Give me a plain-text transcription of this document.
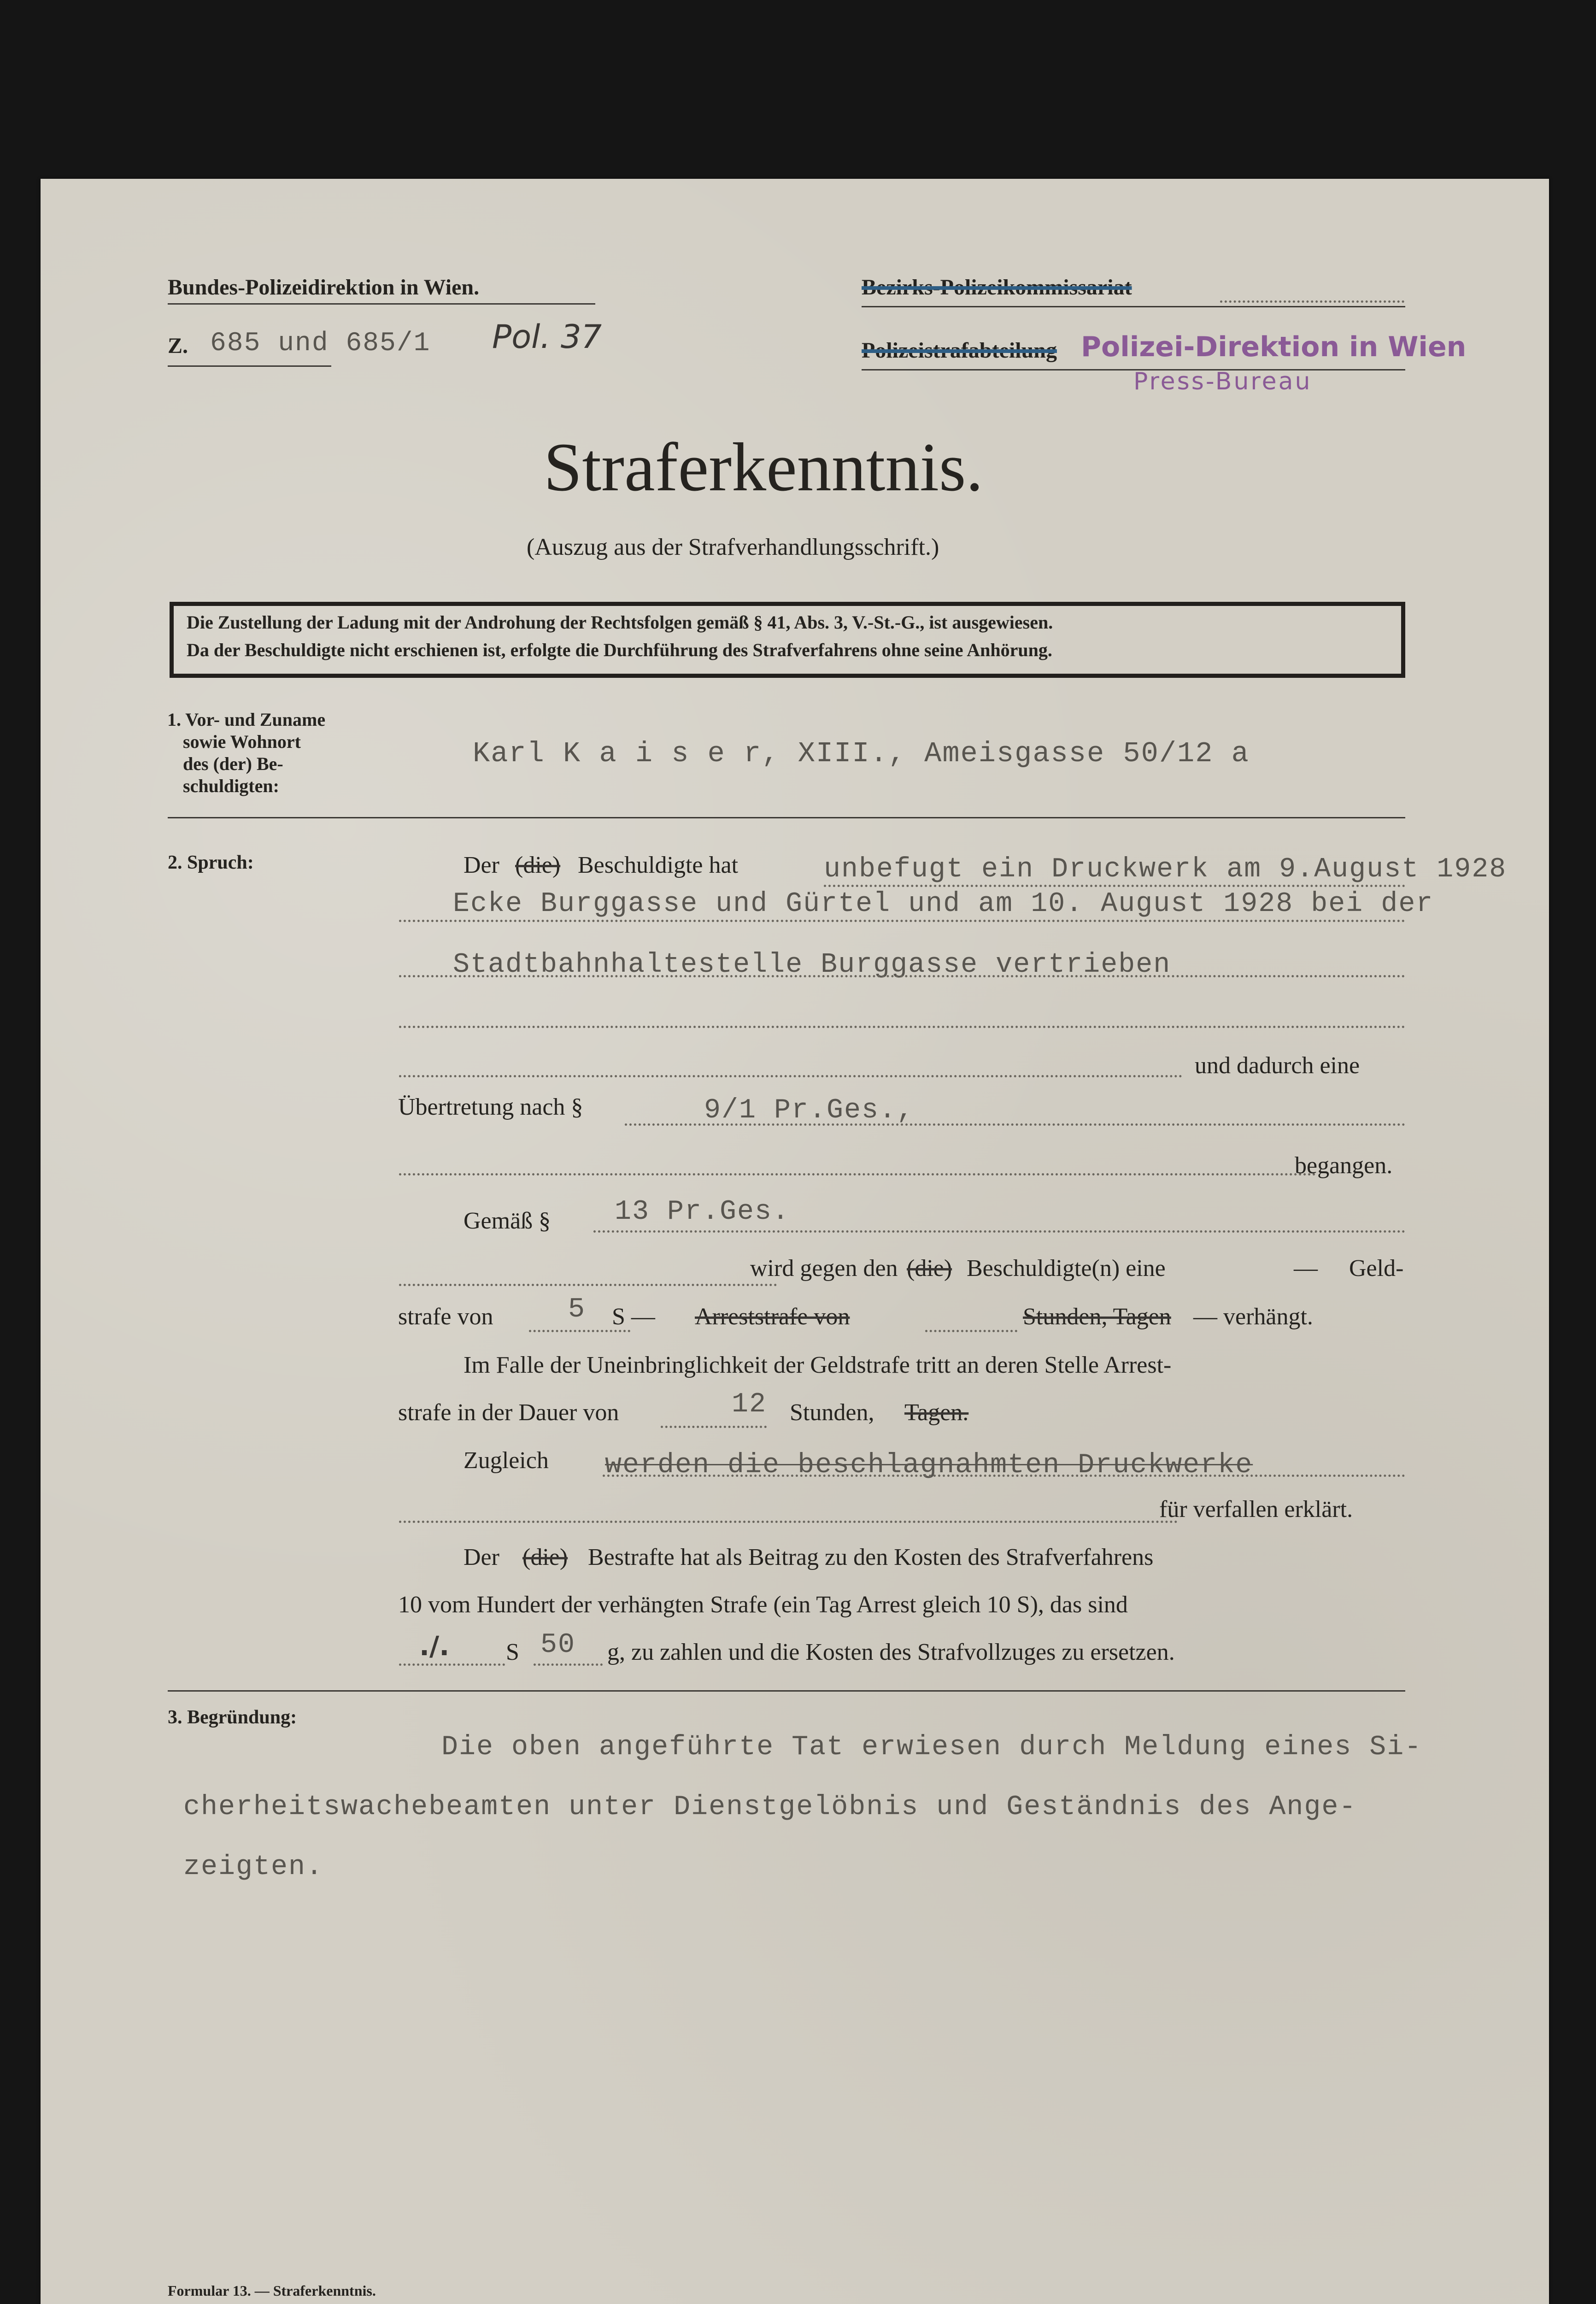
Bundes-Polizeidirektion in Wien.
Z. 685 und 685/1 Pol. 37
Bezirks-Polizeikommissariat
Polizeistrafabteilung Polizei-Direktion in Wien
Press-Bureau
Straferkenntnis.
(Auszug aus der Strafverhandlungsschrift.)
Die Zustellung der Ladung mit der Androhung der Rechtsfolgen gemäß § 41, Abs. 3, V.-St.-G., ist ausgewiesen.
Da der Beschuldigte nicht erschienen ist, erfolgte die Durchführung des Strafverfahrens ohne seine Anhörung.
1. Vor- und Zuname
sowie Wohnort
des (der) Be-
schuldigten:
Karl K a i s e r, XIII., Ameisgasse 50/12 a
2. Spruch:	Der (die) Beschuldigte hat	unbefugt ein Druckwerk am 9.August 1928
Ecke Burggasse und Gürtel und am 10. August 1928 bei der
Stadtbahnhaltestelle Burggasse vertrieben
und dadurch eine
Übertretung nach §	9/1 Pr.Ges.,
begangen.
Gemäß § 13 Pr.Ges.
wird gegen den (die) Beschuldigte(n) eine	— Geld-
strafe von	5 S — Arreststrafe von	Stunden, Tagen — verhängt.
Im Falle der Uneinbringlichkeit der Geldstrafe tritt an deren Stelle Arrest-
strafe in der Dauer von	12 Stunden, Tagen.
Zugleich werden die beschlagnahmten Druckwerke
für verfallen erklärt.
Der (die) Bestrafte hat als Beitrag zu den Kosten des Strafverfahrens
10 vom Hundert der verhängten Strafe (ein Tag Arrest gleich 10 S), das sind
./. S 50 g, zu zahlen und die Kosten des Strafvollzuges zu ersetzen.
3. Begründung:
Die oben angeführte Tat erwiesen durch Meldung eines Si-
cherheitswachebeamten unter Dienstgelöbnis und Geständnis des Ange-
zeigten.
Formular 13. — Straferkenntnis.
